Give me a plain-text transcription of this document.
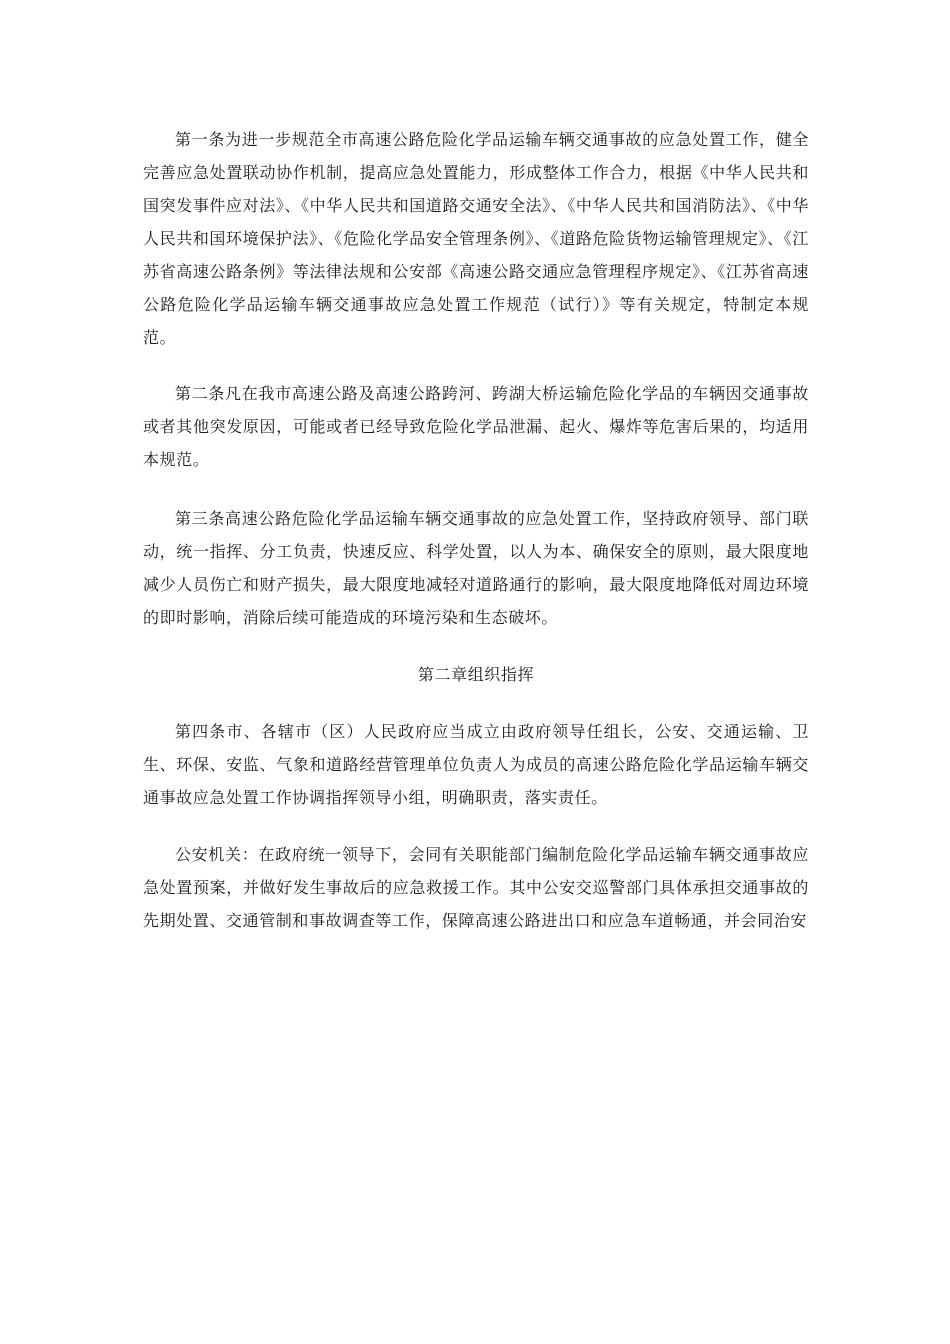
第一条为进一步规范全市高速公路危险化学品运输车辆交通事故的应急处置工作，健全完善应急处置联动协作机制，提高应急处置能力，形成整体工作合力，根据《中华人民共和国突发事件应对法》、《中华人民共和国道路交通安全法》、《中华人民共和国消防法》、《中华人民共和国环境保护法》、《危险化学品安全管理条例》、《道路危险货物运输管理规定》、《江苏省高速公路条例》等法律法规和公安部《高速公路交通应急管理程序规定》、《江苏省高速公路危险化学品运输车辆交通事故应急处置工作规范（试行）》等有关规定，特制定本规范。

第二条凡在我市高速公路及高速公路跨河、跨湖大桥运输危险化学品的车辆因交通事故或者其他突发原因，可能或者已经导致危险化学品泄漏、起火、爆炸等危害后果的，均适用本规范。

第三条高速公路危险化学品运输车辆交通事故的应急处置工作，坚持政府领导、部门联动，统一指挥、分工负责，快速反应、科学处置，以人为本、确保安全的原则，最大限度地减少人员伤亡和财产损失，最大限度地减轻对道路通行的影响，最大限度地降低对周边环境的即时影响，消除后续可能造成的环境污染和生态破坏。

第二章组织指挥

第四条市、各辖市（区）人民政府应当成立由政府领导任组长，公安、交通运输、卫生、环保、安监、气象和道路经营管理单位负责人为成员的高速公路危险化学品运输车辆交通事故应急处置工作协调指挥领导小组，明确职责，落实责任。

公安机关：在政府统一领导下，会同有关职能部门编制危险化学品运输车辆交通事故应急处置预案，并做好发生事故后的应急救援工作。其中公安交巡警部门具体承担交通事故的先期处置、交通管制和事故调查等工作，保障高速公路进出口和应急车道畅通，并会同治安
